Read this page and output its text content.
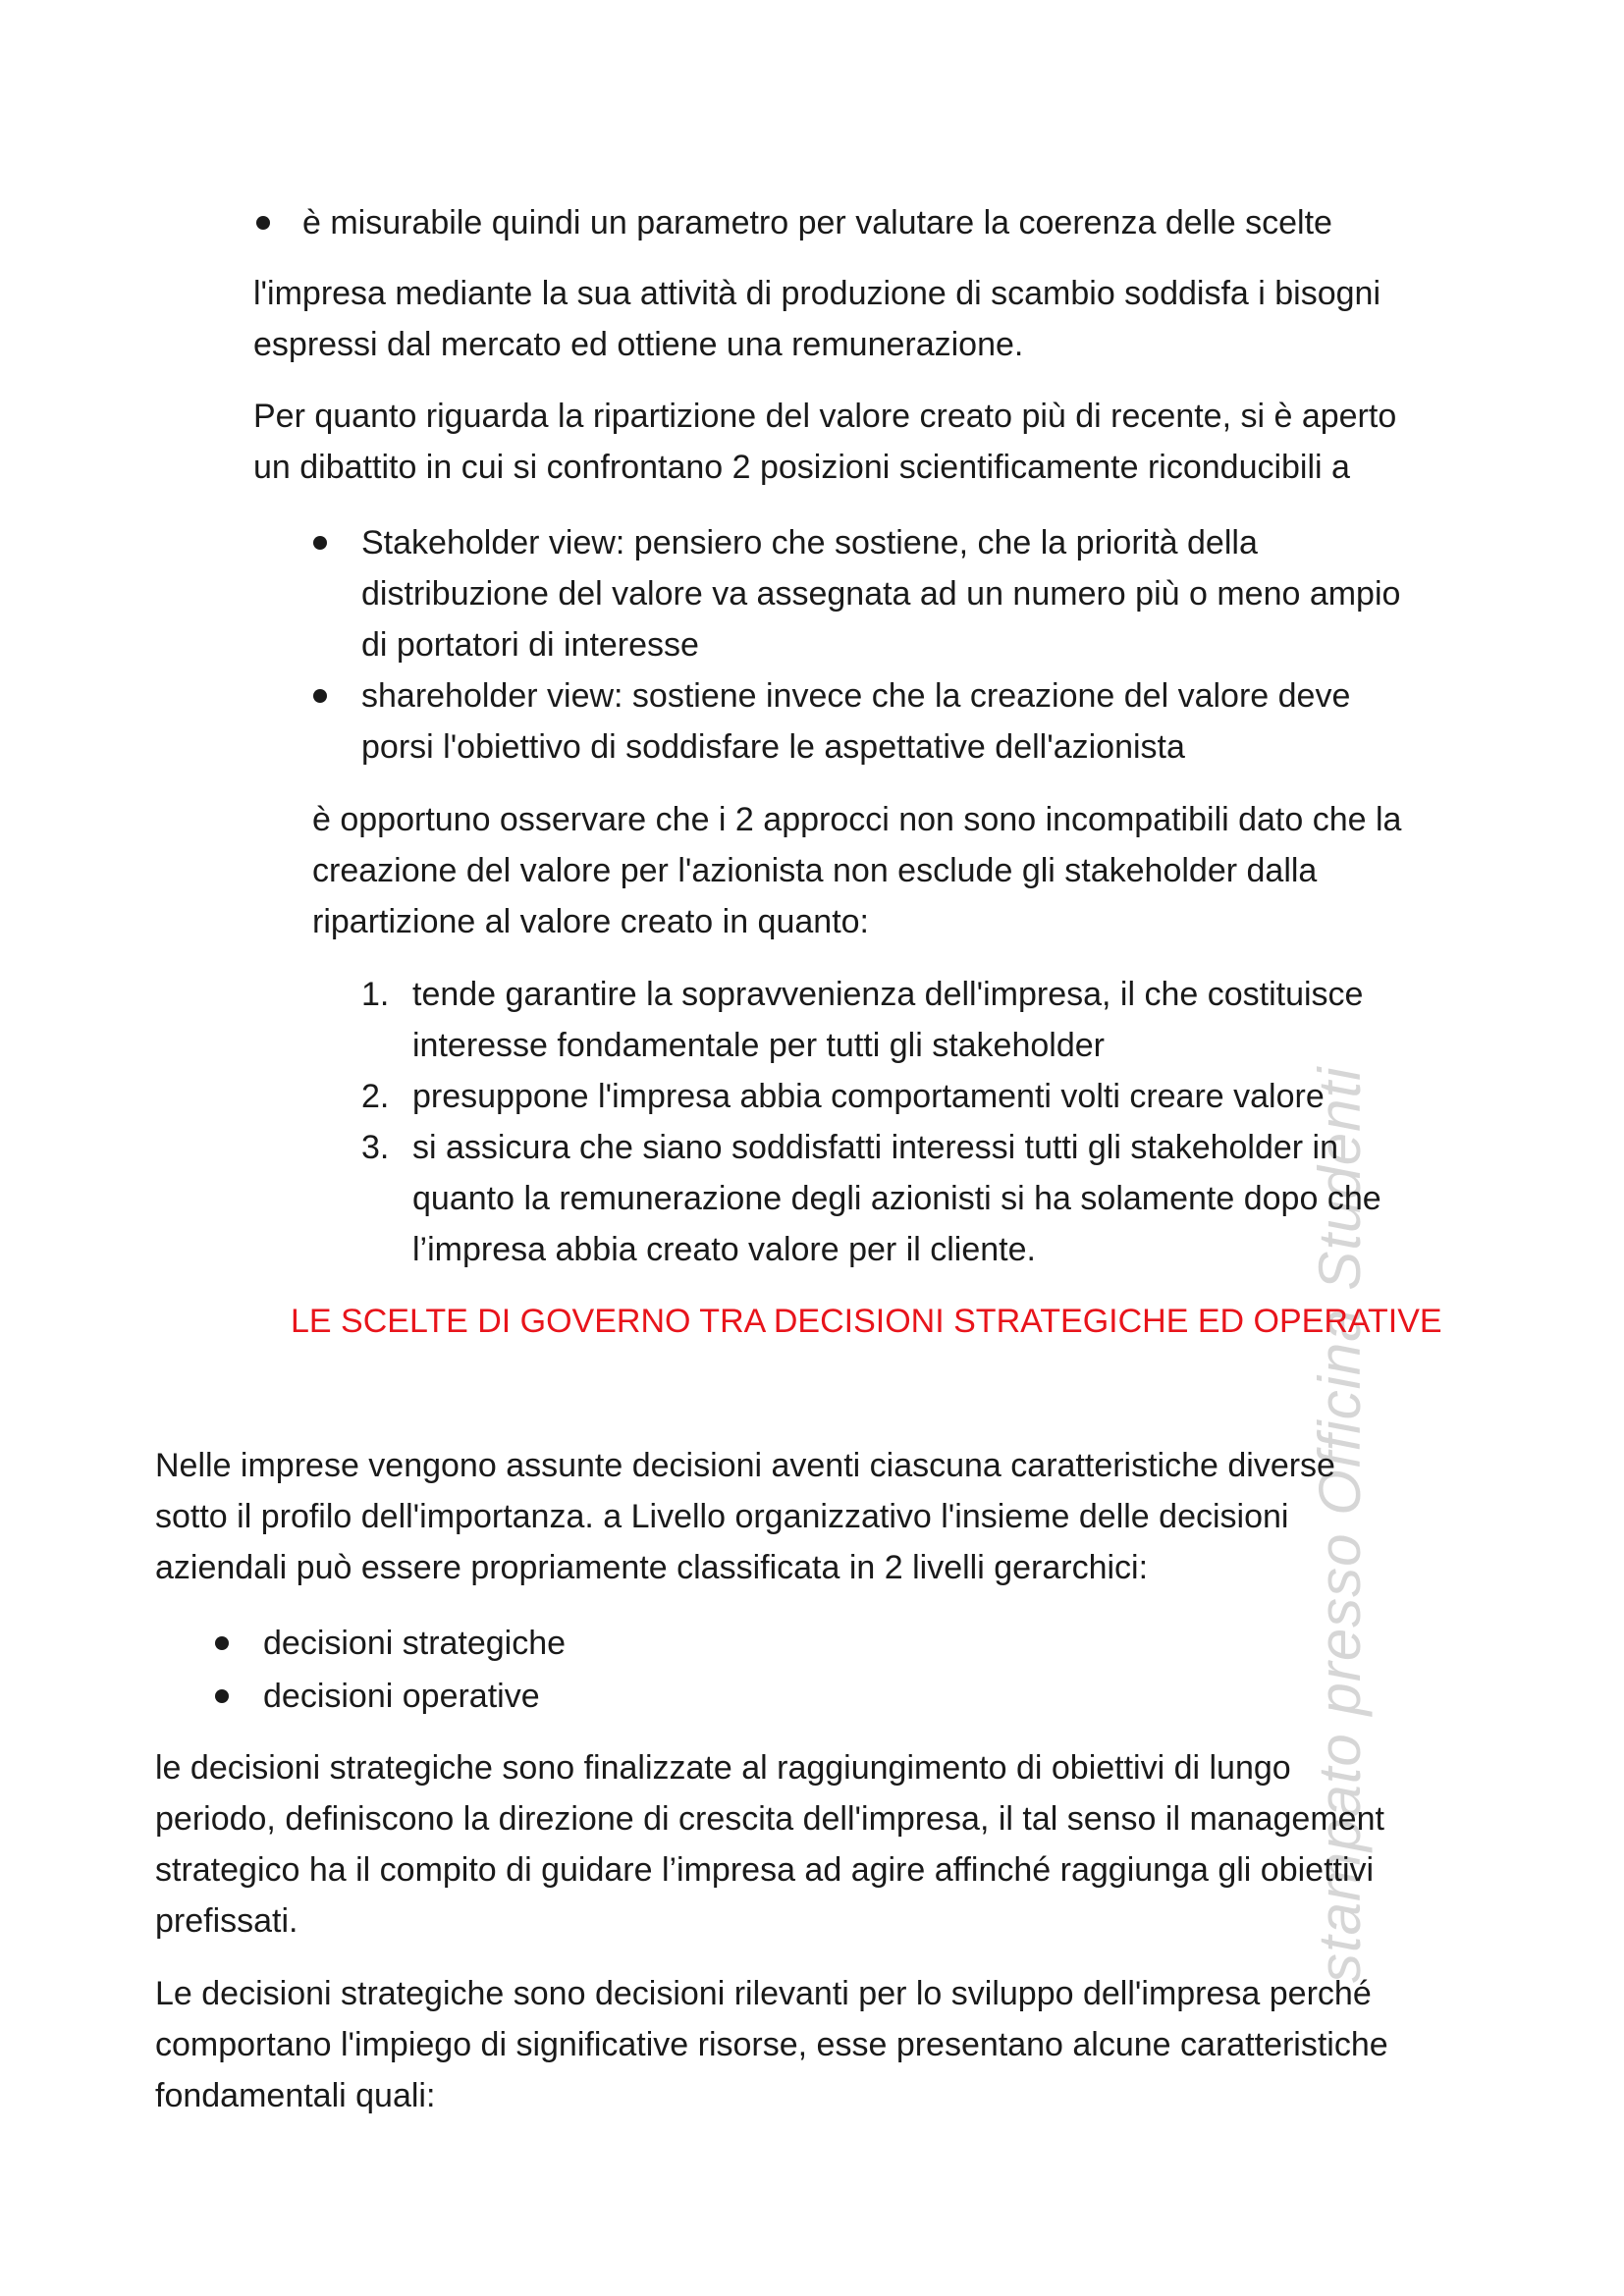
stampato presso Officina Studenti
è misurabile quindi un parametro per valutare la coerenza delle scelte
l'impresa mediante la sua attività di produzione di scambio soddisfa i bisogni
espressi dal mercato ed ottiene una remunerazione.
Per quanto riguarda la ripartizione del valore creato più di recente, si è aperto
un dibattito in cui si confrontano 2 posizioni scientificamente riconducibili a
Stakeholder view: pensiero che sostiene, che la priorità della
distribuzione del valore va assegnata ad un numero più o meno ampio
di portatori di interesse
shareholder view: sostiene invece che la creazione del valore deve
porsi l'obiettivo di soddisfare le aspettative dell'azionista
è opportuno osservare che i 2 approcci non sono incompatibili dato che la
creazione del valore per l'azionista non esclude gli stakeholder dalla
ripartizione al valore creato in quanto:
1. tende garantire la sopravvenienza dell'impresa, il che costituisce
interesse fondamentale per tutti gli stakeholder
2. presuppone l'impresa abbia comportamenti volti creare valore
3. si assicura che siano soddisfatti interessi tutti gli stakeholder in
quanto la remunerazione degli azionisti si ha solamente dopo che
l’impresa abbia creato valore per il cliente.
LE SCELTE DI GOVERNO TRA DECISIONI STRATEGICHE ED OPERATIVE
Nelle imprese vengono assunte decisioni aventi ciascuna caratteristiche diverse
sotto il profilo dell'importanza. a Livello organizzativo l'insieme delle decisioni
aziendali può essere propriamente classificata in 2 livelli gerarchici:
decisioni strategiche
decisioni operative
le decisioni strategiche sono finalizzate al raggiungimento di obiettivi di lungo
periodo, definiscono la direzione di crescita dell'impresa, il tal senso il management
strategico ha il compito di guidare l’impresa ad agire affinché raggiunga gli obiettivi
prefissati.
Le decisioni strategiche sono decisioni rilevanti per lo sviluppo dell'impresa perché
comportano l'impiego di significative risorse, esse presentano alcune caratteristiche
fondamentali quali:
